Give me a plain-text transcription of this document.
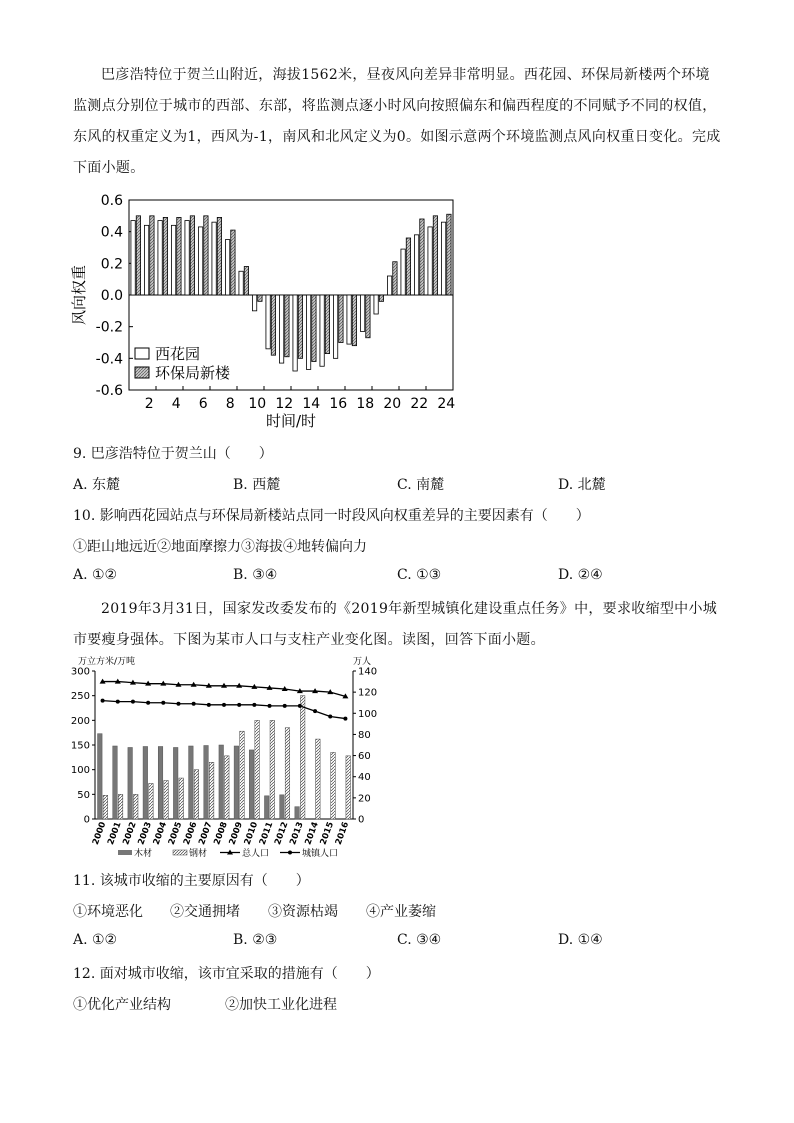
巴彦浩特位于贺兰山附近，海拔1562米，昼夜风向差异非常明显。西花园、环保局新楼两个环境监测点分别位于城市的西部、东部，将监测点逐小时风向按照偏东和偏西程度的不同赋予不同的权值，东风的权重定义为1，西风为-1，南风和北风定义为0。如图示意两个环境监测点风向权重日变化。完成下面小题。
0.6
0.4
0.2
0.0
-0.2
-0.4
-0.6
2 4 6 8 10 12 14 16 18 20 22 24
时间/时
风向权重
西花园
环保局新楼
9. 巴彦浩特位于贺兰山（　　）
A. 东麓	B. 西麓	C. 南麓	D. 北麓
10. 影响西花园站点与环保局新楼站点同一时段风向权重差异的主要因素有（　　）
①距山地远近②地面摩擦力③海拔④地转偏向力
A. ①②	B. ③④	C. ①③	D. ②④
2019年3月31日，国家发改委发布的《2019年新型城镇化建设重点任务》中，要求收缩型中小城市要瘦身强体。下图为某市人口与支柱产业变化图。读图，回答下面小题。
万立方米/万吨	万人
0
50
100
150
200
250
300
0
20
40
60
80
100
120
140
2000
2001
2002
2003
2004
2005
2006
2007
2008
2009
2010
2011
2012
2013
2014
2015
2016
木材	钢材	总人口	城镇人口
11. 该城市收缩的主要原因有（　　）
①环境恶化 ②交通拥堵 ③资源枯竭 ④产业萎缩
A. ①②	B. ②③	C. ③④	D. ①④
12. 面对城市收缩，该市宜采取的措施有（　　）
①优化产业结构	②加快工业化进程
